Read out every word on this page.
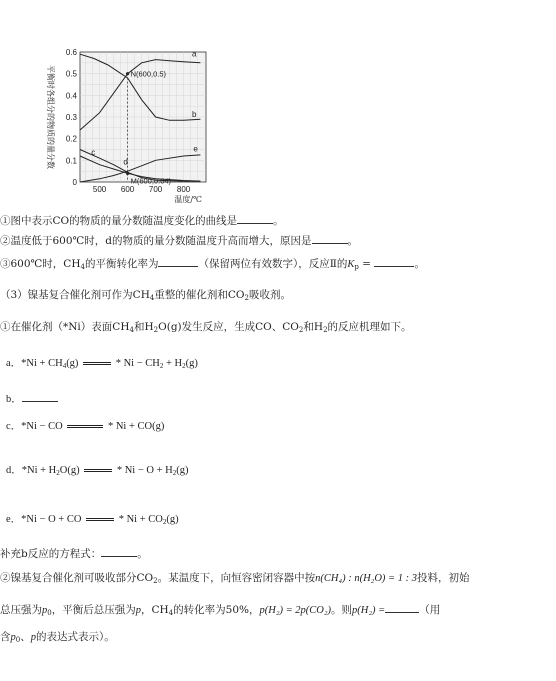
0
0.1
0.2
0.3
0.4
0.5
0.6
500 600 700 800
温度/℃
平衡时各组分的物质的量分数
a
b
c
d
e
N(600,0.5)
M(600,0.04)
①图中表示CO的物质的量分数随温度变化的曲线是	。
②温度低于600℃时，d的物质的量分数随温度升高而增大，原因是	。
③600℃时，$CH_4$的平衡转化率为	（保留两位有效数字），反应Ⅱ的$K_p$ =	。
（3）镍基复合催化剂可作为$CH_4$重整的催化剂和$CO_2$吸收剂。
①在催化剂（*Ni）表面$CH_4$和$H_2O(g)$发生反应，生成CO、$CO_2$和$H_2$的反应机理如下。
a．$*Ni + CH_4(g)$	* $Ni - CH_2 + H_2(g)$
b．
c．*Ni − CO	* Ni + CO(g)
d．$*Ni + H_2O(g)$	* $Ni - O + H_2(g)$
e．*Ni − O + CO	* $Ni + CO_2(g)$
补充b反应的方程式：	。
②镍基复合催化剂可吸收部分$CO_2$。某温度下，向恒容密闭容器中按n(CH₄) : n(H₂O) = 1 : 3投料，初始
总压强为$p_0$，平衡后总压强为p，$CH_4$的转化率为50%，p(H₂) = 2p(CO₂)。则p(H₂) =	（用
含$p_0$、p的表达式表示）。
